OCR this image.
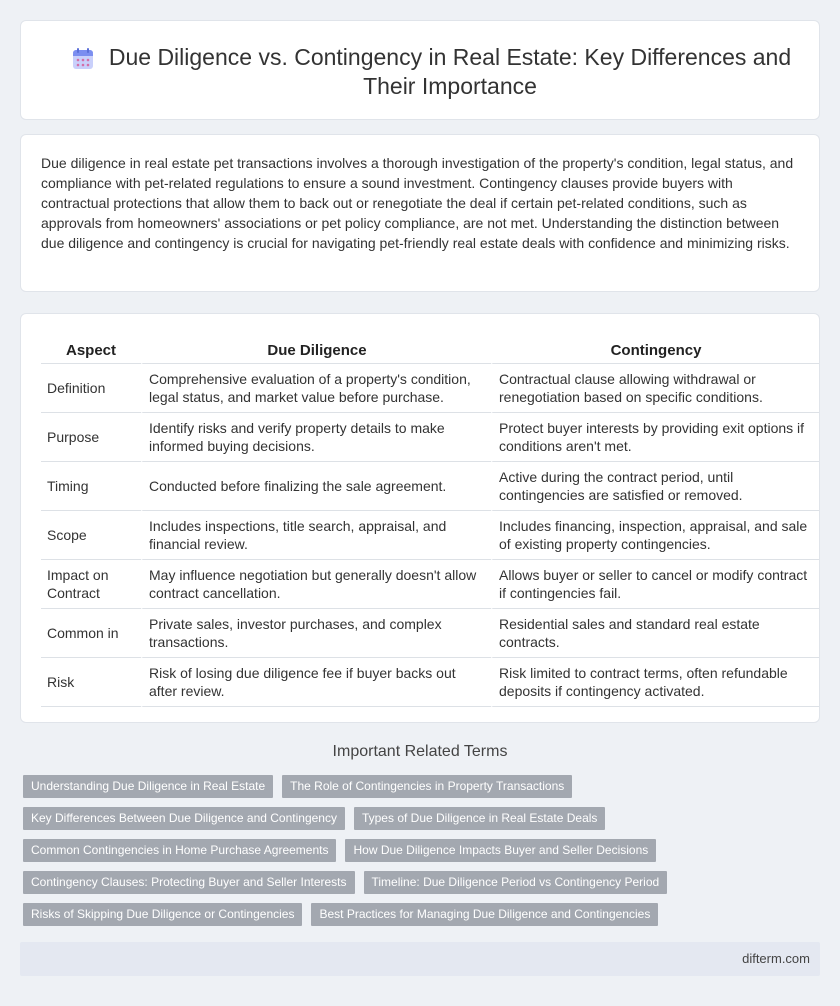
Due Diligence vs. Contingency in Real Estate: Key Differences and Their Importance

Due diligence in real estate pet transactions involves a thorough investigation of the property's condition, legal status, and compliance with pet-related regulations to ensure a sound investment. Contingency clauses provide buyers with contractual protections that allow them to back out or renegotiate the deal if certain pet-related conditions, such as approvals from homeowners' associations or pet policy compliance, are not met. Understanding the distinction between due diligence and contingency is crucial for navigating pet-friendly real estate deals with confidence and minimizing risks.

Aspect	Due Diligence	Contingency
Definition	Comprehensive evaluation of a property's condition, legal status, and market value before purchase.	Contractual clause allowing withdrawal or renegotiation based on specific conditions.
Purpose	Identify risks and verify property details to make informed buying decisions.	Protect buyer interests by providing exit options if conditions aren't met.
Timing	Conducted before finalizing the sale agreement.	Active during the contract period, until contingencies are satisfied or removed.
Scope	Includes inspections, title search, appraisal, and financial review.	Includes financing, inspection, appraisal, and sale of existing property contingencies.
Impact on Contract	May influence negotiation but generally doesn't allow contract cancellation.	Allows buyer or seller to cancel or modify contract if contingencies fail.
Common in	Private sales, investor purchases, and complex transactions.	Residential sales and standard real estate contracts.
Risk	Risk of losing due diligence fee if buyer backs out after review.	Risk limited to contract terms, often refundable deposits if contingency activated.
Important Related Terms
Understanding Due Diligence in Real Estate	The Role of Contingencies in Property Transactions
Key Differences Between Due Diligence and Contingency	Types of Due Diligence in Real Estate Deals
Common Contingencies in Home Purchase Agreements	How Due Diligence Impacts Buyer and Seller Decisions
Contingency Clauses: Protecting Buyer and Seller Interests	Timeline: Due Diligence Period vs Contingency Period
Risks of Skipping Due Diligence or Contingencies	Best Practices for Managing Due Diligence and Contingencies
difterm.com
